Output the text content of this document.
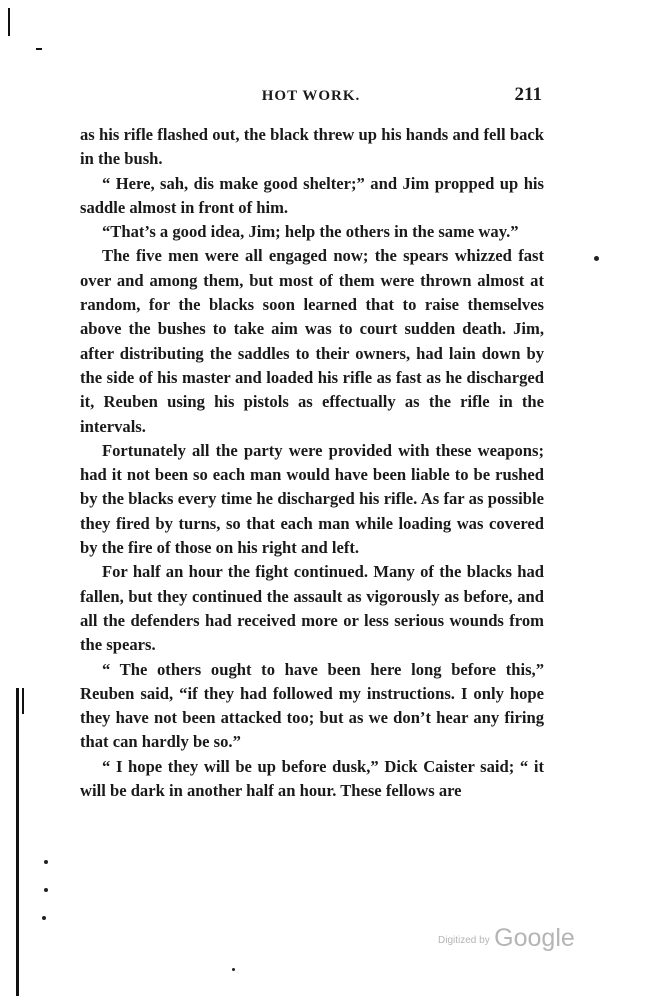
HOT WORK.	211

as his rifle flashed out, the black threw up his hands and fell back in the bush.

“ Here, sah, dis make good shelter;” and Jim propped up his saddle almost in front of him.

“That’s a good idea, Jim; help the others in the same way.”

The five men were all engaged now; the spears whizzed fast over and among them, but most of them were thrown almost at random, for the blacks soon learned that to raise themselves above the bushes to take aim was to court sudden death. Jim, after distributing the saddles to their owners, had lain down by the side of his master and loaded his rifle as fast as he discharged it, Reuben using his pistols as effectually as the rifle in the intervals.

Fortunately all the party were provided with these weapons; had it not been so each man would have been liable to be rushed by the blacks every time he discharged his rifle. As far as possible they fired by turns, so that each man while loading was covered by the fire of those on his right and left.

For half an hour the fight continued. Many of the blacks had fallen, but they continued the assault as vigorously as before, and all the defenders had received more or less serious wounds from the spears.

“ The others ought to have been here long before this,” Reuben said, “if they had followed my instructions. I only hope they have not been attacked too; but as we don’t hear any firing that can hardly be so.”

“ I hope they will be up before dusk,” Dick Caister said; “ it will be dark in another half an hour. These fellows are

Digitized by Google
